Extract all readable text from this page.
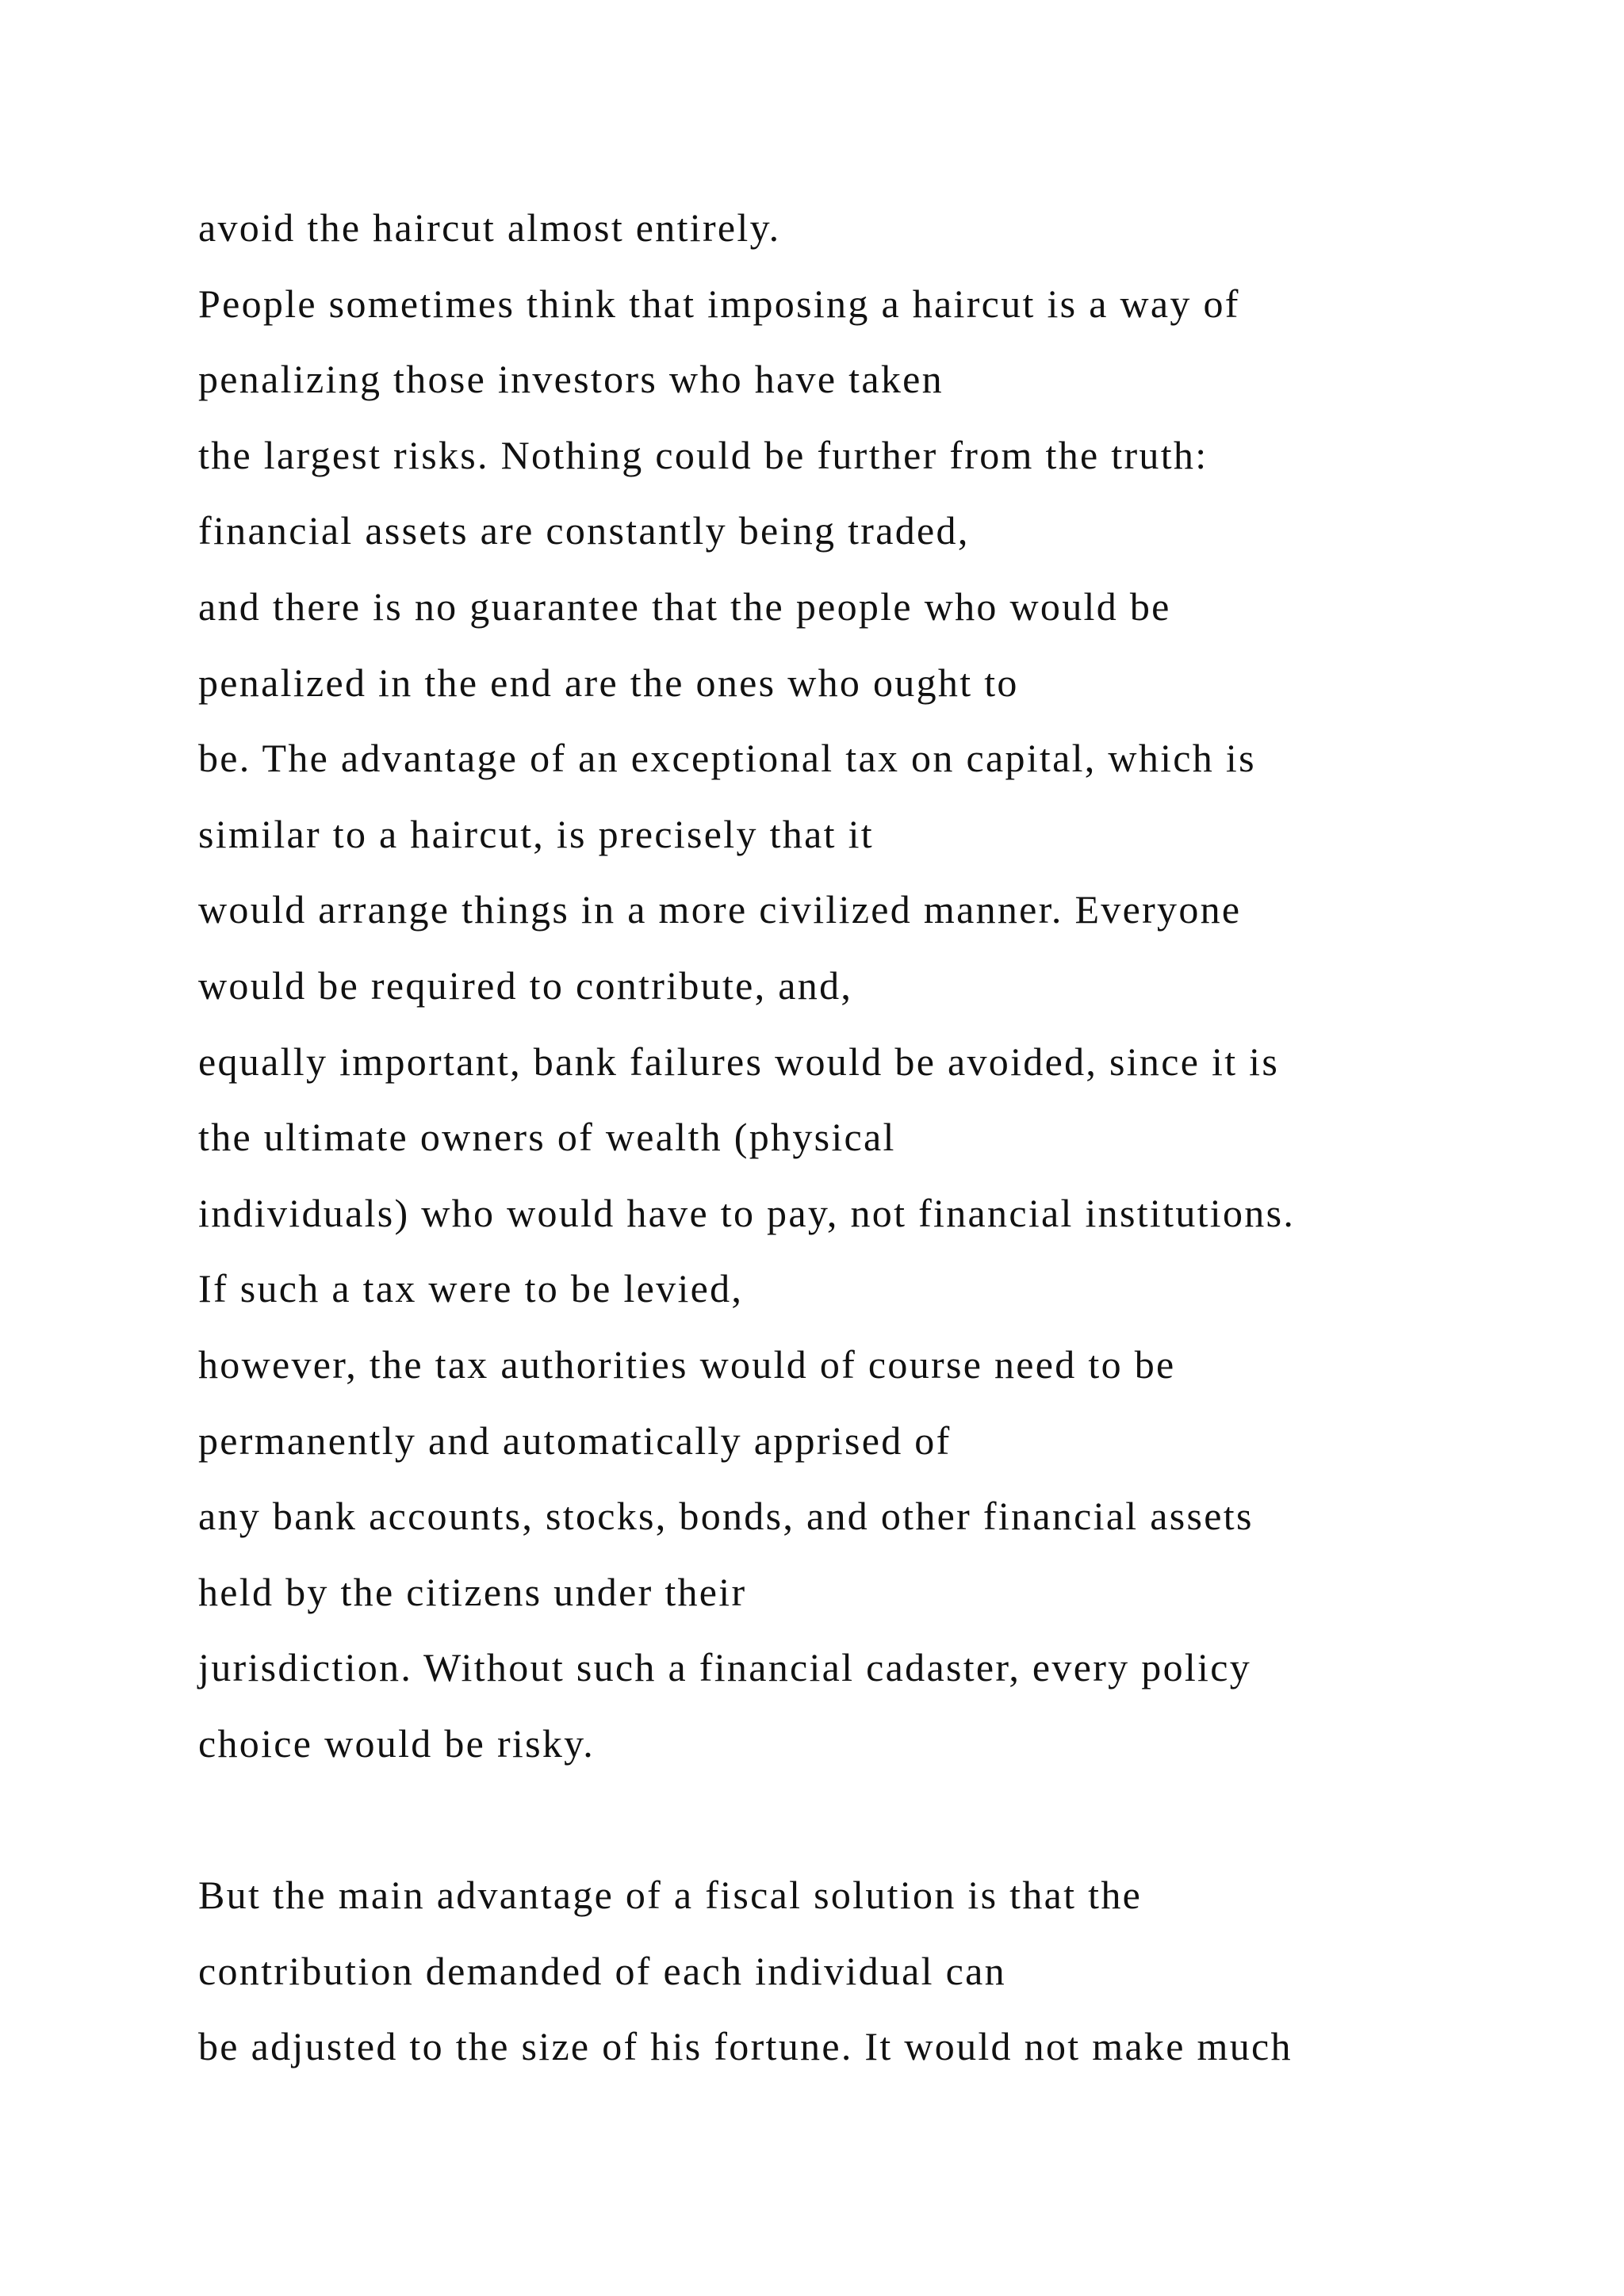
avoid the haircut almost entirely.
People sometimes think that imposing a haircut is a way of
penalizing those investors who have taken
the largest risks. Nothing could be further from the truth:
financial assets are constantly being traded,
and there is no guarantee that the people who would be
penalized in the end are the ones who ought to
be. The advantage of an exceptional tax on capital, which is
similar to a haircut, is precisely that it
would arrange things in a more civilized manner. Everyone
would be required to contribute, and,
equally important, bank failures would be avoided, since it is
the ultimate owners of wealth (physical
individuals) who would have to pay, not financial institutions.
If such a tax were to be levied,
however, the tax authorities would of course need to be
permanently and automatically apprised of
any bank accounts, stocks, bonds, and other financial assets
held by the citizens under their
jurisdiction. Without such a financial cadaster, every policy
choice would be risky.
But the main advantage of a fiscal solution is that the
contribution demanded of each individual can
be adjusted to the size of his fortune. It would not make much
